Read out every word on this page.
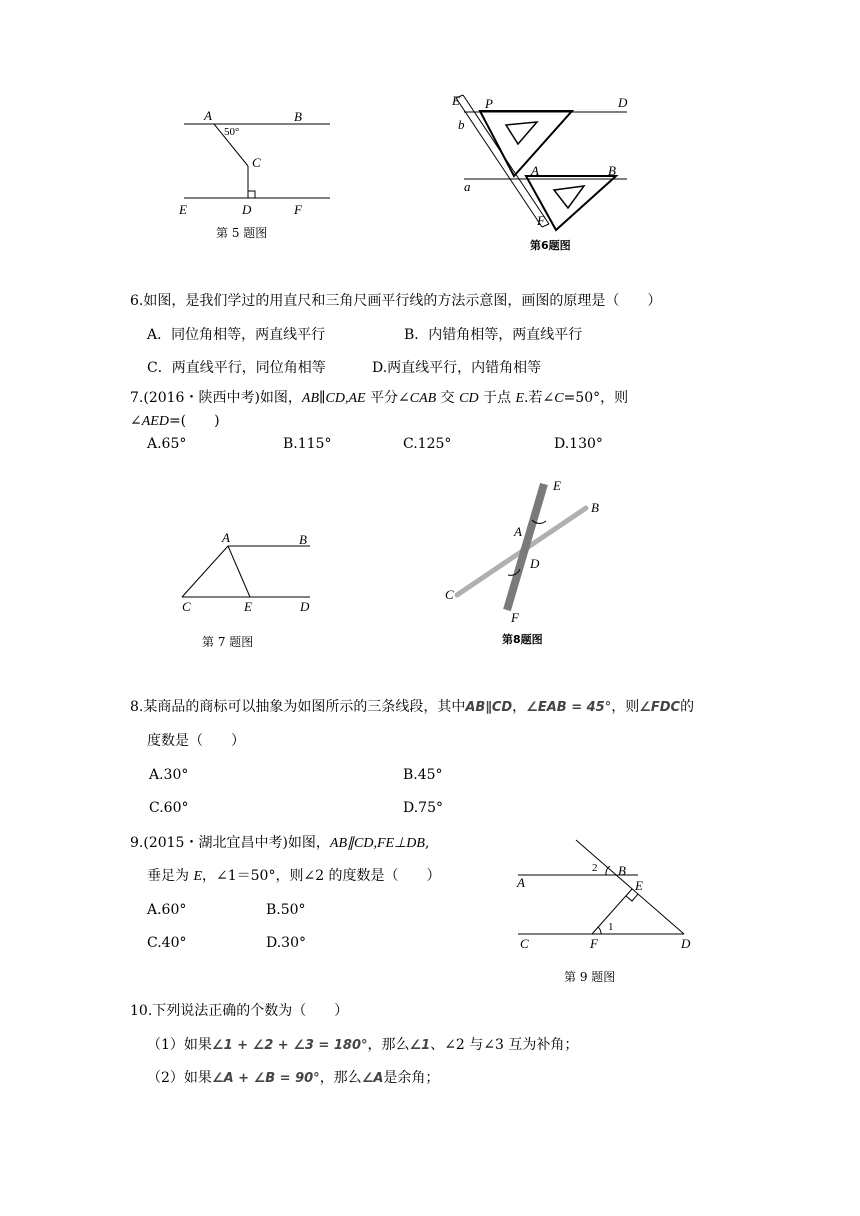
A	B
50°
C
E	D	F
第 5 题图
E P	D
b
a
A	B
F
第6题图
6.如图，是我们学过的用直尺和三角尺画平行线的方法示意图，画图的原理是（　　）
A．同位角相等，两直线平行	B．内错角相等，两直线平行
C．两直线平行，同位角相等	D.两直线平行，内错角相等
7.(2016・陕西中考)如图，AB∥CD,AE 平分∠CAB 交 CD 于点 E.若∠C=50°，则
∠AED=(　　)
A.65°	B.115°	C.125°	D.130°
A	B
C	E	D
第 7 题图
E
B
A
D
C
F
第8题图
8.某商品的商标可以抽象为如图所示的三条线段，其中AB∥CD，∠EAB = 45°，则∠FDC的
度数是（　　）
A.30°	B.45°
C.60°	D.75°
9.(2015・湖北宜昌中考)如图，AB∥CD,FE⊥DB,
垂足为 E，∠1＝50°，则∠2 的度数是（　　）
A.60°	B.50°
C.40°	D.30°
2 B
A	E
1
C	F	D
第 9 题图
10.下列说法正确的个数为（　　）
（1）如果∠1 + ∠2 + ∠3 = 180°，那么∠1、∠2 与∠3 互为补角；
（2）如果∠A + ∠B = 90°，那么∠A是余角；
